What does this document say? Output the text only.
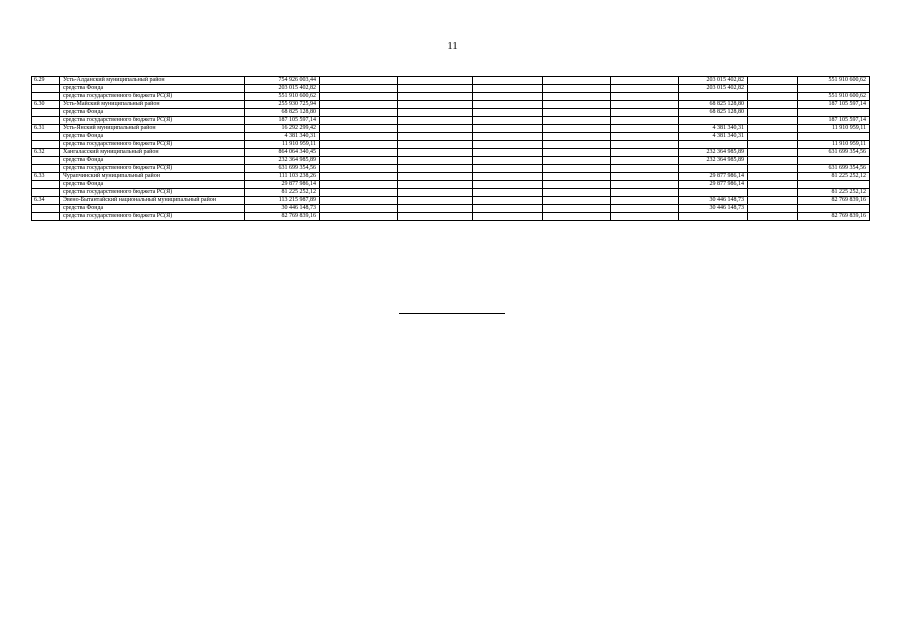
11
6.29	Усть-Алданский муниципальный район	754 926 003,44						203 015 402,82		551 910 600,62
	средства Фонда	203 015 402,82						203 015 402,82		
	средства государственного бюджета РС(Я)	551 910 600,62								551 910 600,62
6.30	Усть-Майский муниципальный район	255 930 725,94						68 825 128,80		187 105 597,14
	средства Фонда	68 825 128,80						68 825 128,80		
	средства государственного бюджета РС(Я)	187 105 597,14								187 105 597,14
6.31	Усть-Янский муниципальный район	16 292 299,42						4 381 340,31		11 910 959,11
	средства Фонда	4 381 340,31						4 381 340,31		
	средства государственного бюджета РС(Я)	11 910 959,11								11 910 959,11
6.32	Хангаласский муниципальный район	864 064 340,45						232 364 985,89		631 699 354,56
	средства Фонда	232 364 985,89						232 364 985,89		
	средства государственного бюджета РС(Я)	631 699 354,56								631 699 354,56
6.33	Чурапчинский муниципальный район	111 103 238,26						29 877 986,14		81 225 252,12
	средства Фонда	29 877 986,14						29 877 986,14		
	средства государственного бюджета РС(Я)	81 225 252,12								81 225 252,12
6.34	Эвено-Бытантайский национальный муниципальный район	113 215 987,89						30 446 148,73		82 769 839,16
	средства Фонда	30 446 148,73						30 446 148,73		
	средства государственного бюджета РС(Я)	82 769 839,16								82 769 839,16
